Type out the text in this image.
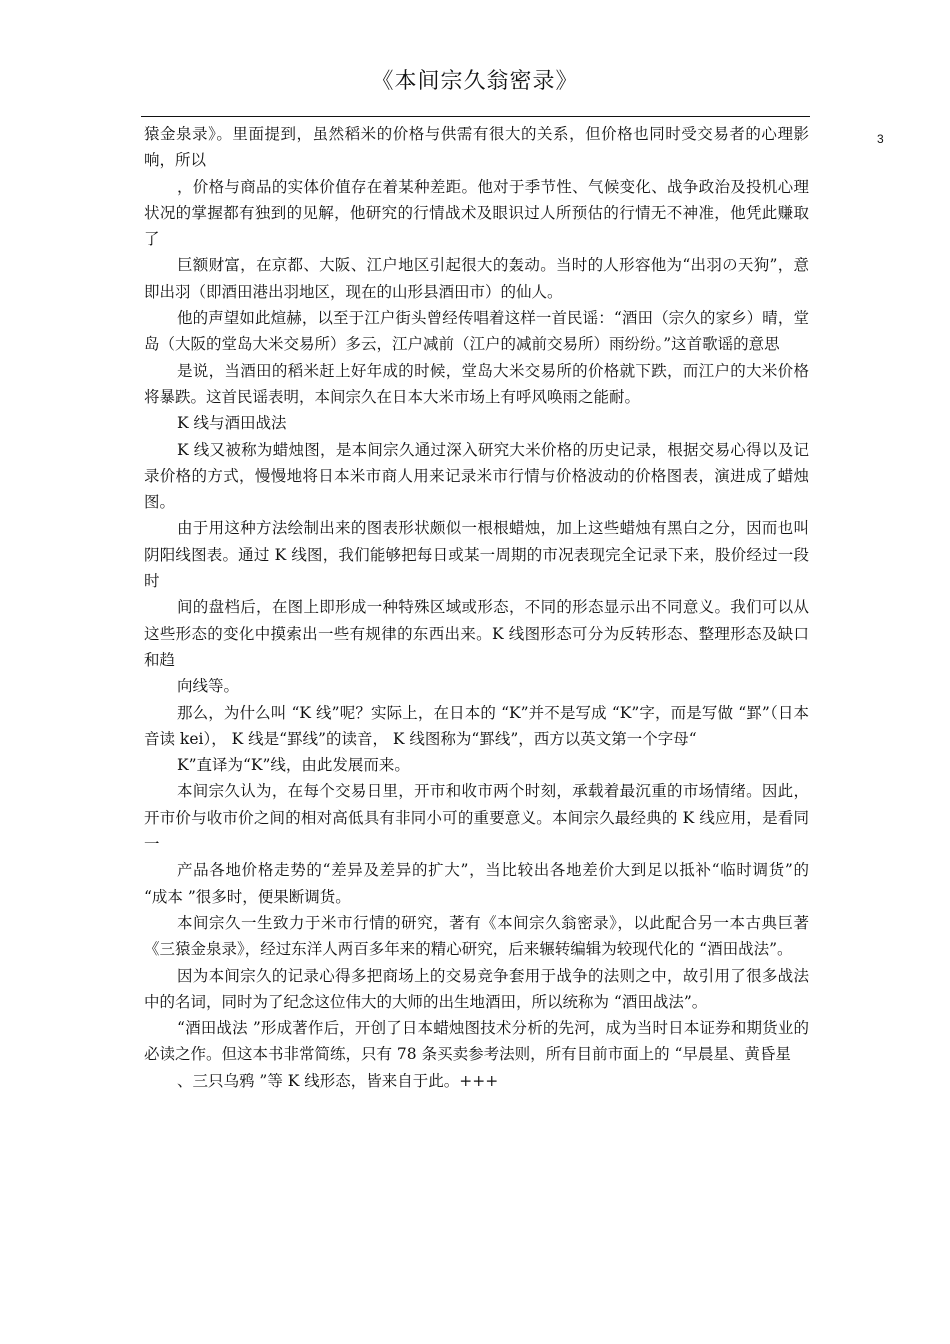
《本间宗久翁密录》
3

猿金泉录》。里面提到，虽然稻米的价格与供需有很大的关系，但价格也同时受交易者的心理影响，所以

，价格与商品的实体价值存在着某种差距。他对于季节性、气候变化、战争政治及投机心理状况的掌握都有独到的见解，他研究的行情战术及眼识过人所预估的行情无不神准，他凭此赚取了

巨额财富，在京都、大阪、江户地区引起很大的轰动。当时的人形容他为“出羽の天狗”，意即出羽（即酒田港出羽地区，现在的山形县酒田市）的仙人。

他的声望如此煊赫，以至于江户街头曾经传唱着这样一首民谣：“酒田（宗久的家乡）晴，堂岛（大阪的堂岛大米交易所）多云，江户减前（江户的减前交易所）雨纷纷。”这首歌谣的意思

是说，当酒田的稻米赶上好年成的时候，堂岛大米交易所的价格就下跌，而江户的大米价格将暴跌。这首民谣表明，本间宗久在日本大米市场上有呼风唤雨之能耐。

K 线与酒田战法

K 线又被称为蜡烛图，是本间宗久通过深入研究大米价格的历史记录，根据交易心得以及记录价格的方式，慢慢地将日本米市商人用来记录米市行情与价格波动的价格图表，演进成了蜡烛图。

由于用这种方法绘制出来的图表形状颇似一根根蜡烛，加上这些蜡烛有黑白之分，因而也叫阴阳线图表。通过 K 线图，我们能够把每日或某一周期的市况表现完全记录下来，股价经过一段时

间的盘档后，在图上即形成一种特殊区域或形态，不同的形态显示出不同意义。我们可以从这些形态的变化中摸索出一些有规律的东西出来。K 线图形态可分为反转形态、整理形态及缺口和趋

向线等。

那么，为什么叫 “K 线”呢？实际上，在日本的 “K”并不是写成 “K”字，而是写做 “罫”（日本音读 kei）， K 线是“罫线”的读音， K 线图称为“罫线”，西方以英文第一个字母“

K”直译为“K”线，由此发展而来。

本间宗久认为，在每个交易日里，开市和收市两个时刻，承载着最沉重的市场情绪。因此，开市价与收市价之间的相对高低具有非同小可的重要意义。本间宗久最经典的 K 线应用，是看同一

产品各地价格走势的“差异及差异的扩大”，当比较出各地差价大到足以抵补“临时调货”的 “成本 ”很多时，便果断调货。

本间宗久一生致力于米市行情的研究，著有《本间宗久翁密录》，以此配合另一本古典巨著《三猿金泉录》，经过东洋人两百多年来的精心研究，后来辗转编辑为较现代化的 “酒田战法”。

因为本间宗久的记录心得多把商场上的交易竞争套用于战争的法则之中，故引用了很多战法中的名词，同时为了纪念这位伟大的大师的出生地酒田，所以统称为 “酒田战法”。

“酒田战法 ”形成著作后，开创了日本蜡烛图技术分析的先河，成为当时日本证券和期货业的必读之作。但这本书非常简练，只有 78 条买卖参考法则，所有目前市面上的 “早晨星、黄昏星

、三只乌鸦 ”等 K 线形态，皆来自于此。+++
